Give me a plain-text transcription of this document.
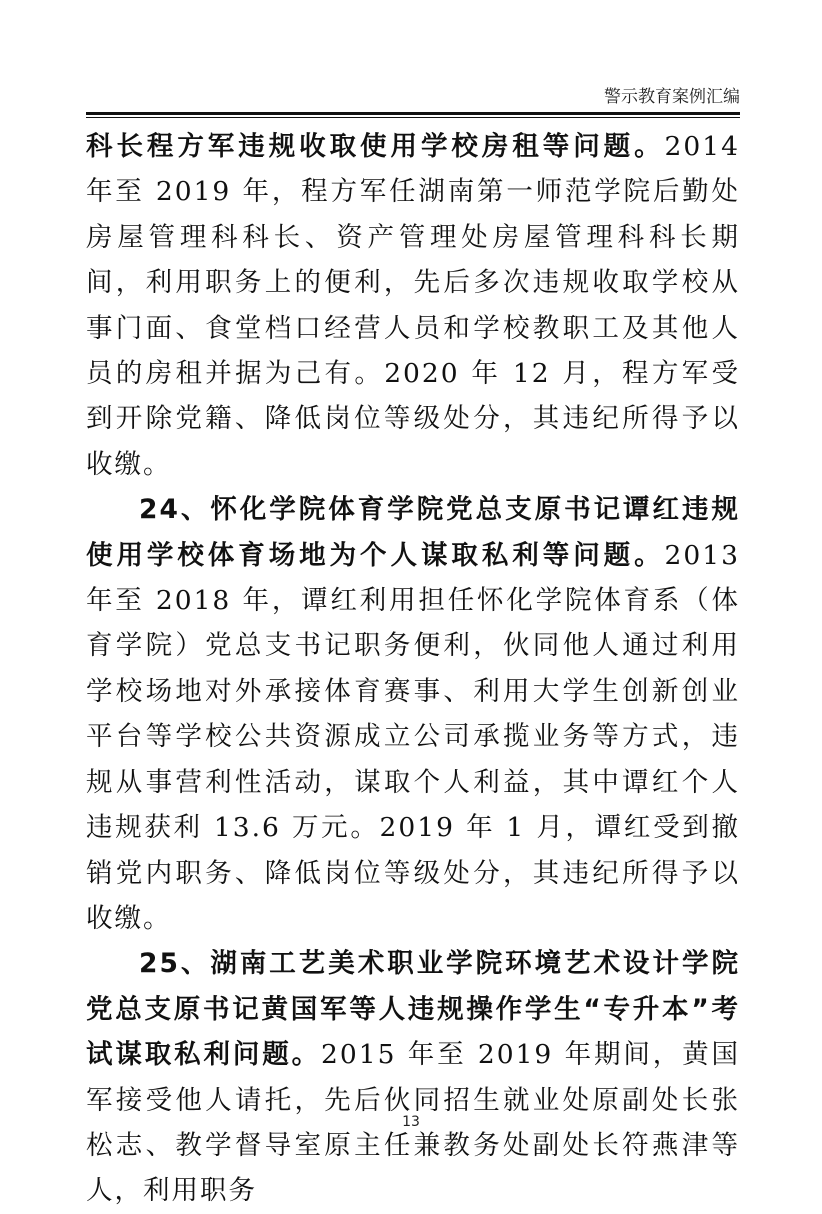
警示教育案例汇编

科长程方军违规收取使用学校房租等问题。2014 年至 2019 年，程方军任湖南第一师范学院后勤处房屋管理科科长、资产管理处房屋管理科科长期间，利用职务上的便利，先后多次违规收取学校从事门面、食堂档口经营人员和学校教职工及其他人员的房租并据为己有。2020 年 12 月，程方军受到开除党籍、降低岗位等级处分，其违纪所得予以收缴。

24、怀化学院体育学院党总支原书记谭红违规使用学校体育场地为个人谋取私利等问题。2013 年至 2018 年，谭红利用担任怀化学院体育系（体育学院）党总支书记职务便利，伙同他人通过利用学校场地对外承接体育赛事、利用大学生创新创业平台等学校公共资源成立公司承揽业务等方式，违规从事营利性活动，谋取个人利益，其中谭红个人违规获利 13.6 万元。2019 年 1 月，谭红受到撤销党内职务、降低岗位等级处分，其违纪所得予以收缴。

25、湖南工艺美术职业学院环境艺术设计学院党总支原书记黄国军等人违规操作学生“专升本”考试谋取私利问题。2015 年至 2019 年期间，黄国军接受他人请托，先后伙同招生就业处原副处长张松志、教学督导室原主任兼教务处副处长符燕津等人，利用职务

13
